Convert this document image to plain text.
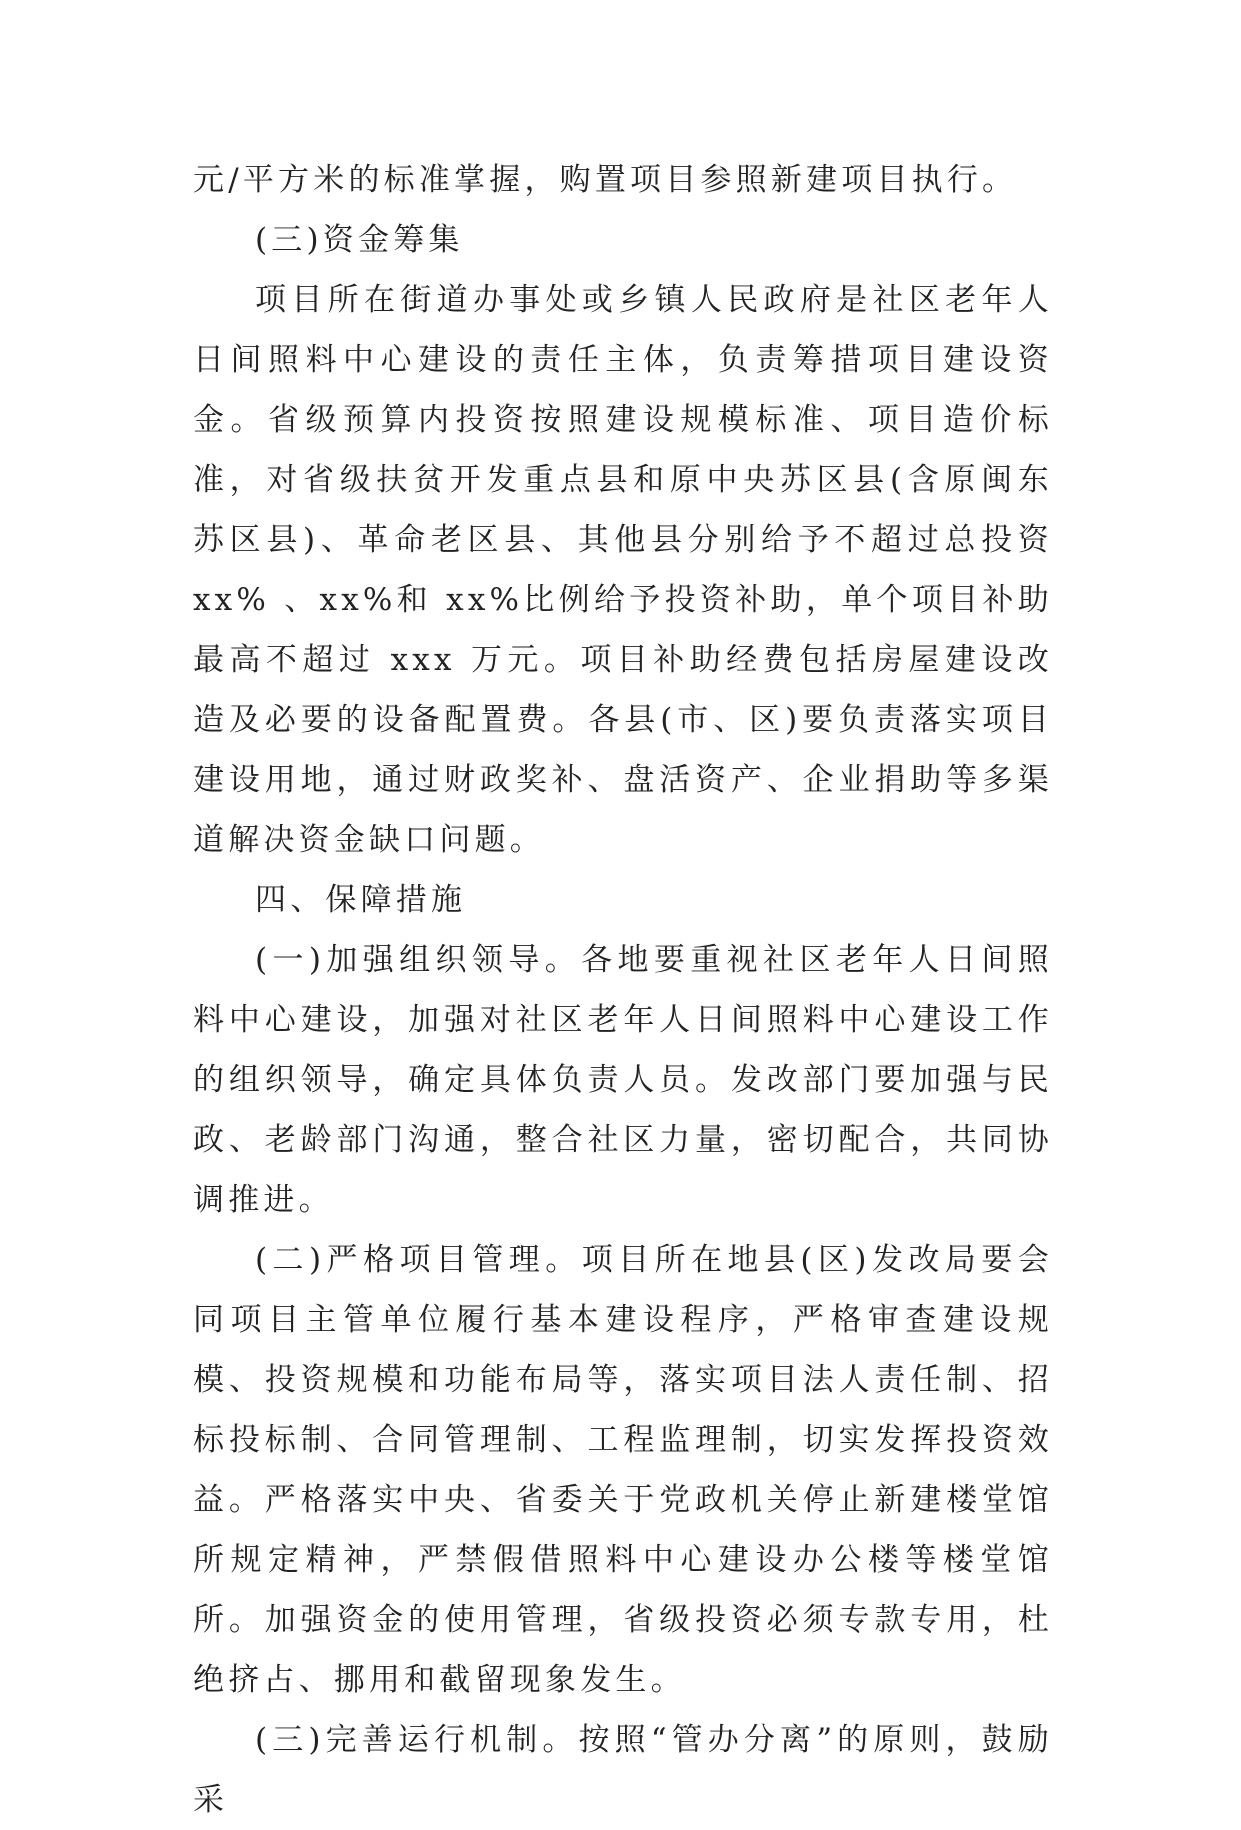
元/平方米的标准掌握，购置项目参照新建项目执行。

(三)资金筹集

项目所在街道办事处或乡镇人民政府是社区老年人日间照料中心建设的责任主体，负责筹措项目建设资金。省级预算内投资按照建设规模标准、项目造价标准，对省级扶贫开发重点县和原中央苏区县(含原闽东苏区县)、革命老区县、其他县分别给予不超过总投资 xx% 、xx%和 xx%比例给予投资补助，单个项目补助最高不超过 xxx 万元。项目补助经费包括房屋建设改造及必要的设备配置费。各县(市、区)要负责落实项目建设用地，通过财政奖补、盘活资产、企业捐助等多渠道解决资金缺口问题。

四、保障措施

(一)加强组织领导。各地要重视社区老年人日间照料中心建设，加强对社区老年人日间照料中心建设工作的组织领导，确定具体负责人员。发改部门要加强与民政、老龄部门沟通，整合社区力量，密切配合，共同协调推进。

(二)严格项目管理。项目所在地县(区)发改局要会同项目主管单位履行基本建设程序，严格审查建设规模、投资规模和功能布局等，落实项目法人责任制、招标投标制、合同管理制、工程监理制，切实发挥投资效益。严格落实中央、省委关于党政机关停止新建楼堂馆所规定精神，严禁假借照料中心建设办公楼等楼堂馆所。加强资金的使用管理，省级投资必须专款专用，杜绝挤占、挪用和截留现象发生。

(三)完善运行机制。按照“管办分离”的原则，鼓励采
